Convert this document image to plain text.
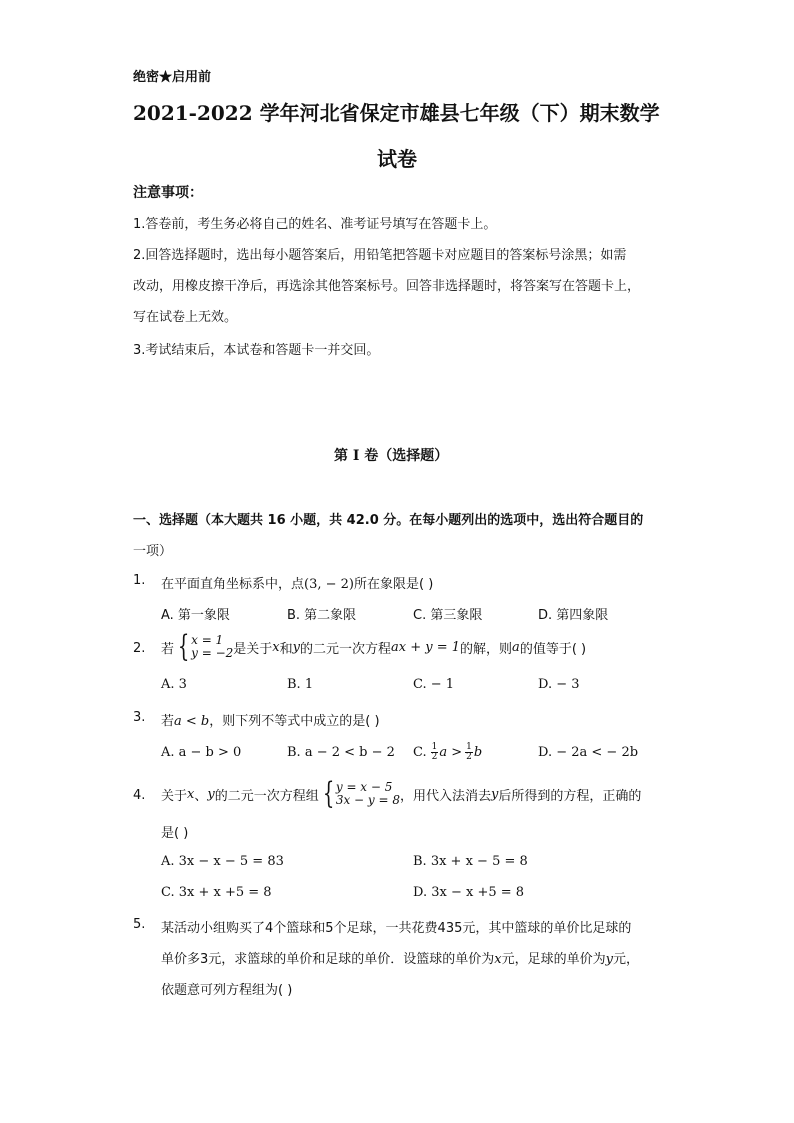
绝密★启用前
2021-2022 学年河北省保定市雄县七年级（下）期末数学
试卷
注意事项：
1.答卷前，考生务必将自己的姓名、准考证号填写在答题卡上。
2.回答选择题时，选出每小题答案后，用铅笔把答题卡对应题目的答案标号涂黑；如需
改动，用橡皮擦干净后，再选涂其他答案标号。回答非选择题时，将答案写在答题卡上，
写在试卷上无效。
3.考试结束后，本试卷和答题卡一并交回。
第 I 卷（选择题）
一、选择题（本大题共 16 小题，共 42.0 分。在每小题列出的选项中，选出符合题目的
一项）
1. 在平面直角坐标系中，点(3, − 2)所在象限是( )
A. 第一象限	B. 第二象限	C. 第三象限	D. 第四象限
2. 若 { x = 1
y = −2 是关于 x 和 y 的二元一次方程 ax + y = 1 的解，则 a 的值等于( )
A. 3	B. 1	C. − 1	D. − 3
3. 若a < b，则下列不等式中成立的是( )
A. a − b > 0	B. a − 2 < b − 2 C. $\frac{1}{2}$ $a > \frac{1}{2}$ b	D. − 2a < − 2b
4. 关于 x 、 y 的二元一次方程组 { y = x − 5
3x − y = 8 ，用代入法消去 y 后所得到的方程，正确的
是( )
A. 3x − x − 5 = 83	B. 3x + x − 5 = 8
C. 3x + x +5 = 8	D. 3x − x +5 = 8
5. 某活动小组购买了4个篮球和5个足球，一共花费435元，其中篮球的单价比足球的
单价多3元，求篮球的单价和足球的单价．设篮球的单价为x元，足球的单价为y元，
依题意可列方程组为( )
